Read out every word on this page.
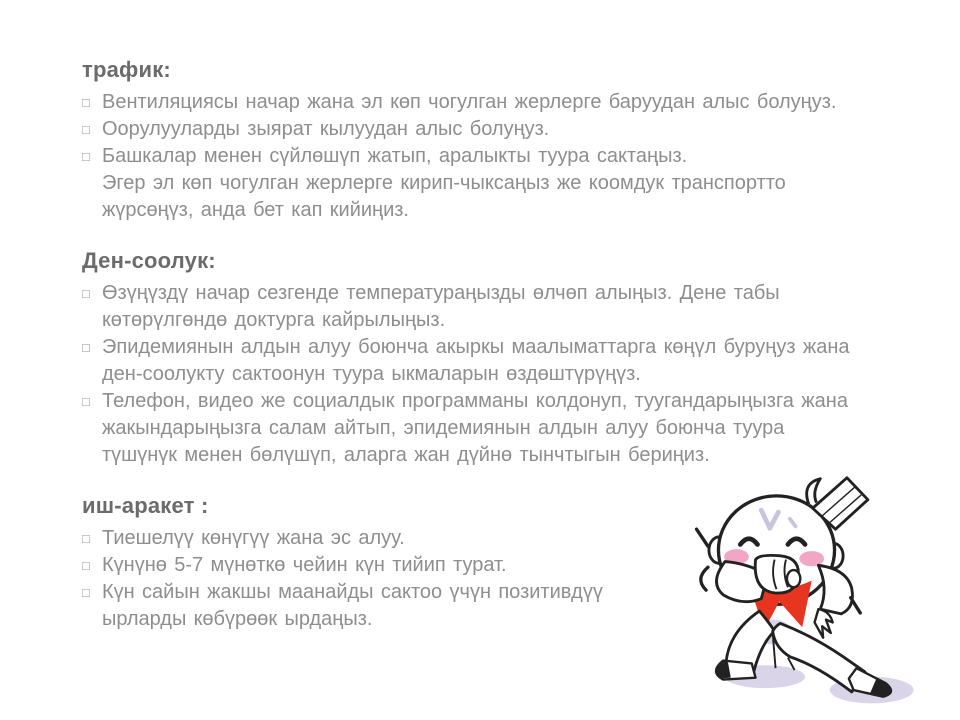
трафик:
□ Вентиляциясы начар жана эл көп чогулган жерлерге баруудан алыс болуңуз.
□ Оорулууларды зыярат кылуудан алыс болуңуз.
□ Башкалар менен сүйлөшүп жатып, аралыкты туура сактаңыз.
Эгер эл көп чогулган жерлерге кирип-чыксаңыз же коомдук транспортто
жүрсөңүз, анда бет кап кийиңиз.
Ден-соолук:
□ Өзүңүздү начар сезгенде температураңызды өлчөп алыңыз. Дене табы
көтөрүлгөндө доктурга кайрылыңыз.
□ Эпидемиянын алдын алуу боюнча акыркы маалыматтарга көңүл буруңуз жана
ден-соолукту сактоонун туура ыкмаларын өздөштүрүңүз.
□ Телефон, видео же социалдык программаны колдонуп, туугандарыңызга жана
жакындарыңызга салам айтып, эпидемиянын алдын алуу боюнча туура
түшүнүк менен бөлүшүп, аларга жан дүйнө тынчтыгын бериңиз.
иш-аракет :
□ Тиешелүү көнүгүү жана эс алуу.
□ Күнүнө 5-7 мүнөткө чейин күн тийип турат.
□ Күн сайын жакшы маанайды сактоо үчүн позитивдүү
ырларды көбүрөөк ырдаңыз.
